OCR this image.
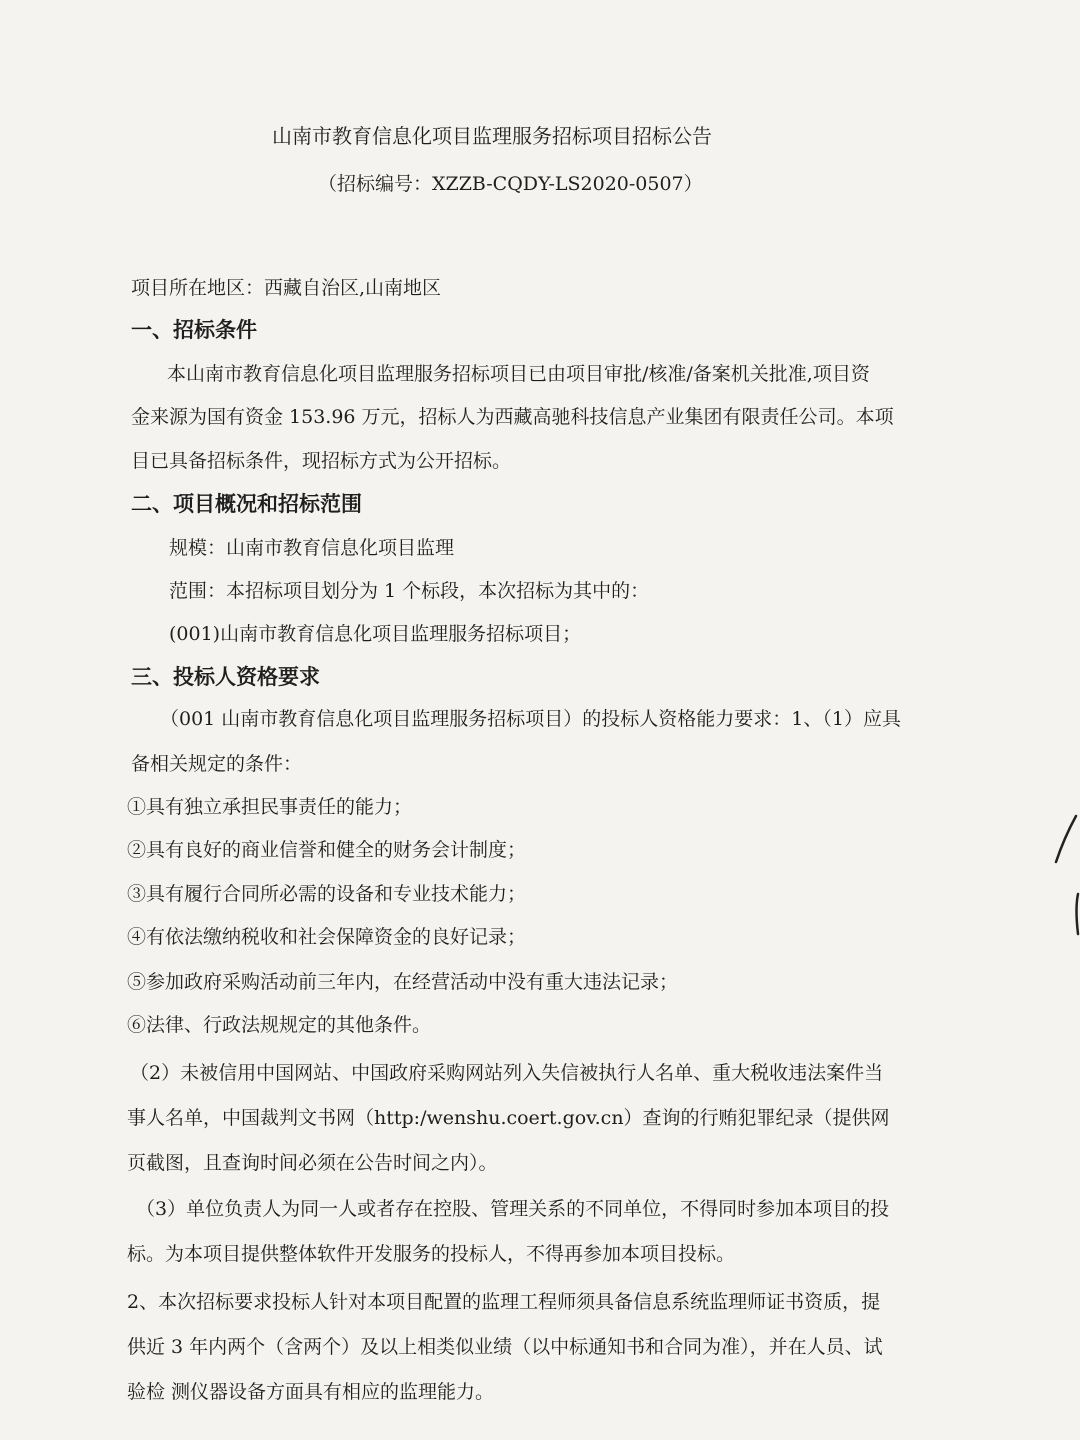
山南市教育信息化项目监理服务招标项目招标公告
（招标编号：XZZB-CQDY-LS2020-0507）
项目所在地区：西藏自治区,山南地区
一、招标条件
本山南市教育信息化项目监理服务招标项目已由项目审批/核准/备案机关批准,项目资
金来源为国有资金 153.96 万元，招标人为西藏高驰科技信息产业集团有限责任公司。本项
目已具备招标条件，现招标方式为公开招标。
二、项目概况和招标范围
规模：山南市教育信息化项目监理
范围：本招标项目划分为 1 个标段，本次招标为其中的：
(001)山南市教育信息化项目监理服务招标项目；
三、投标人资格要求
（001 山南市教育信息化项目监理服务招标项目）的投标人资格能力要求：1、（1）应具
备相关规定的条件：
①具有独立承担民事责任的能力；
②具有良好的商业信誉和健全的财务会计制度；
③具有履行合同所必需的设备和专业技术能力；
④有依法缴纳税收和社会保障资金的良好记录；
⑤参加政府采购活动前三年内，在经营活动中没有重大违法记录；
⑥法律、行政法规规定的其他条件。
（2）未被信用中国网站、中国政府采购网站列入失信被执行人名单、重大税收违法案件当
事人名单，中国裁判文书网（http:/wenshu.coert.gov.cn）查询的行贿犯罪纪录（提供网
页截图，且查询时间必须在公告时间之内）。
（3）单位负责人为同一人或者存在控股、管理关系的不同单位，不得同时参加本项目的投
标。为本项目提供整体软件开发服务的投标人，不得再参加本项目投标。
2、本次招标要求投标人针对本项目配置的监理工程师须具备信息系统监理师证书资质，提
供近 3 年内两个（含两个）及以上相类似业绩（以中标通知书和合同为准），并在人员、试
验检 测仪器设备方面具有相应的监理能力。
